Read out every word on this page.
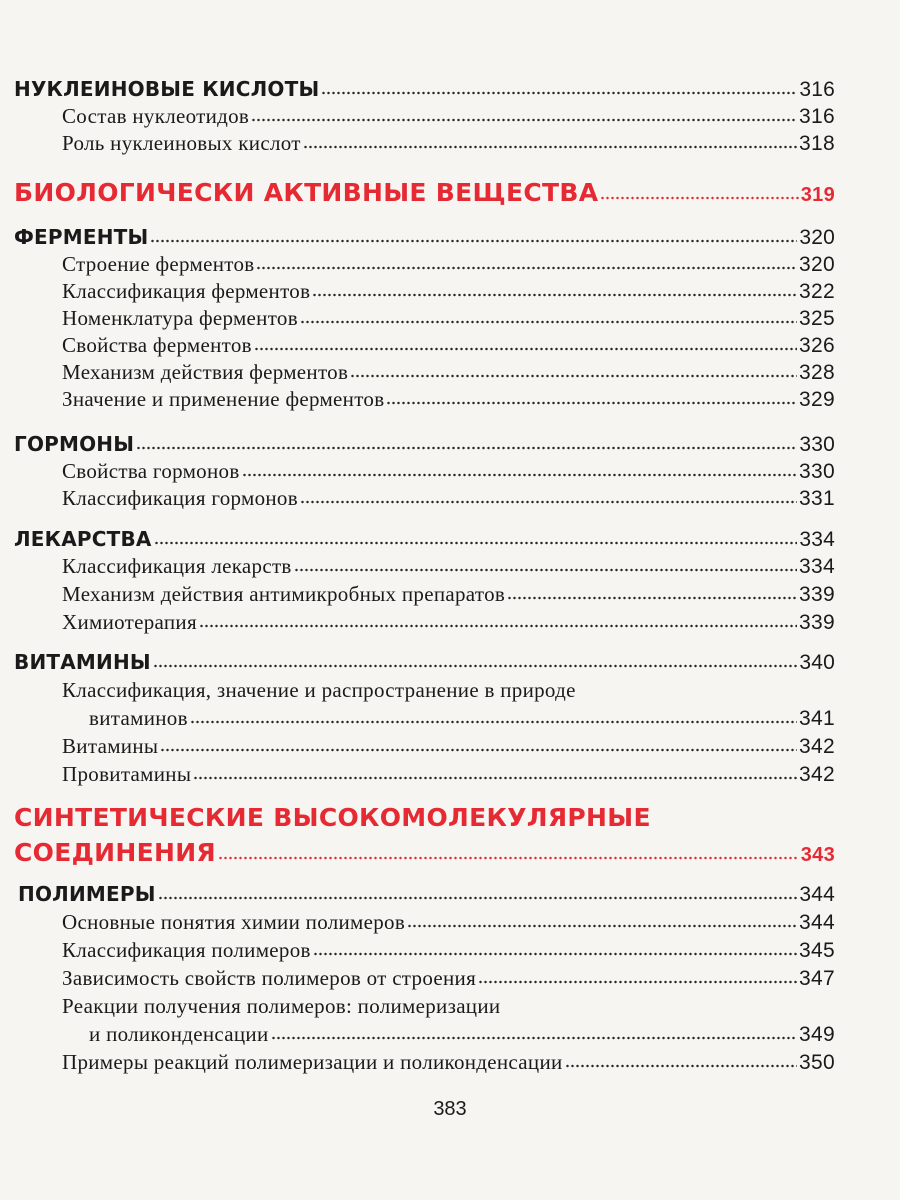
НУКЛЕИНОВЫЕ КИСЛОТЫ	316
Состав нуклеотидов	316
Роль нуклеиновых кислот	318
БИОЛОГИЧЕСКИ АКТИВНЫЕ ВЕЩЕСТВА	319
ФЕРМЕНТЫ	320
Строение ферментов	320
Классификация ферментов	322
Номенклатура ферментов	325
Свойства ферментов	326
Механизм действия ферментов	328
Значение и применение ферментов	329
ГОРМОНЫ	330
Свойства гормонов	330
Классификация гормонов	331
ЛЕКАРСТВА	334
Классификация лекарств	334
Механизм действия антимикробных препаратов	339
Химиотерапия	339
ВИТАМИНЫ	340
Классификация, значение и распространение в природе
витаминов	341
Витамины	342
Провитамины	342
СИНТЕТИЧЕСКИЕ ВЫСОКОМОЛЕКУЛЯРНЫЕ
СОЕДИНЕНИЯ	343
ПОЛИМЕРЫ	344
Основные понятия химии полимеров	344
Классификация полимеров	345
Зависимость свойств полимеров от строения	347
Реакции получения полимеров: полимеризации
и поликонденсации	349
Примеры реакций полимеризации и поликонденсации	350
383
